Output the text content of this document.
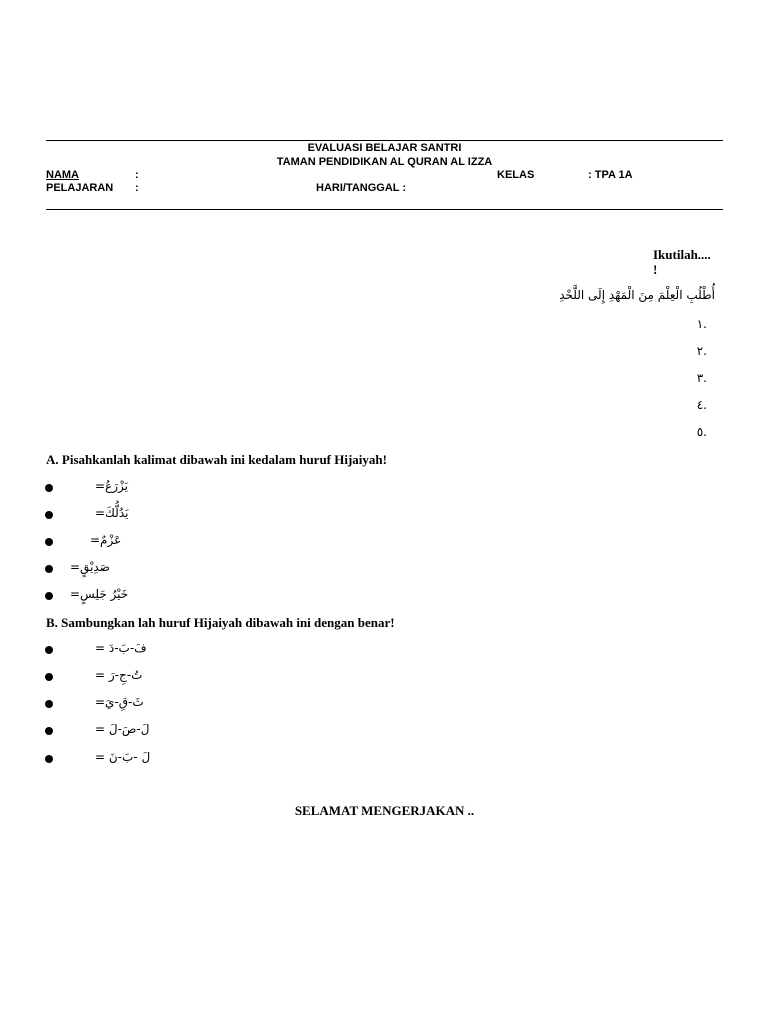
EVALUASI BELAJAR SANTRI
TAMAN PENDIDIKAN AL QURAN AL IZZA
NAMA	:	KELAS	: TPA 1A
PELAJARAN :	HARI/TANGGAL :
Ikutilah....
!
أُطْلُبِ الْعِلْمَ مِنَ الْمَهْدِ إِلَى اللَّحْدِ
.١
.٢
.٣
.٤
.٥
A. Pisahkanlah kalimat dibawah ini kedalam huruf Hijaiyah!
يَزْرَعُ=
يَدُلُّكَ=
عَزْمٌ=
صَدِيْقٍ=
خَيْرُ جَلِسٍ=
B. Sambungkan lah huruf Hijaiyah dibawah ini dengan benar!
فَ-بَ-دَ =
تُ-جِ-رَ =
ثَ-قِ-يَ=
لَ-صَ-لَ =
لَ -بَ-نَ =
SELAMAT MENGERJAKAN ..
